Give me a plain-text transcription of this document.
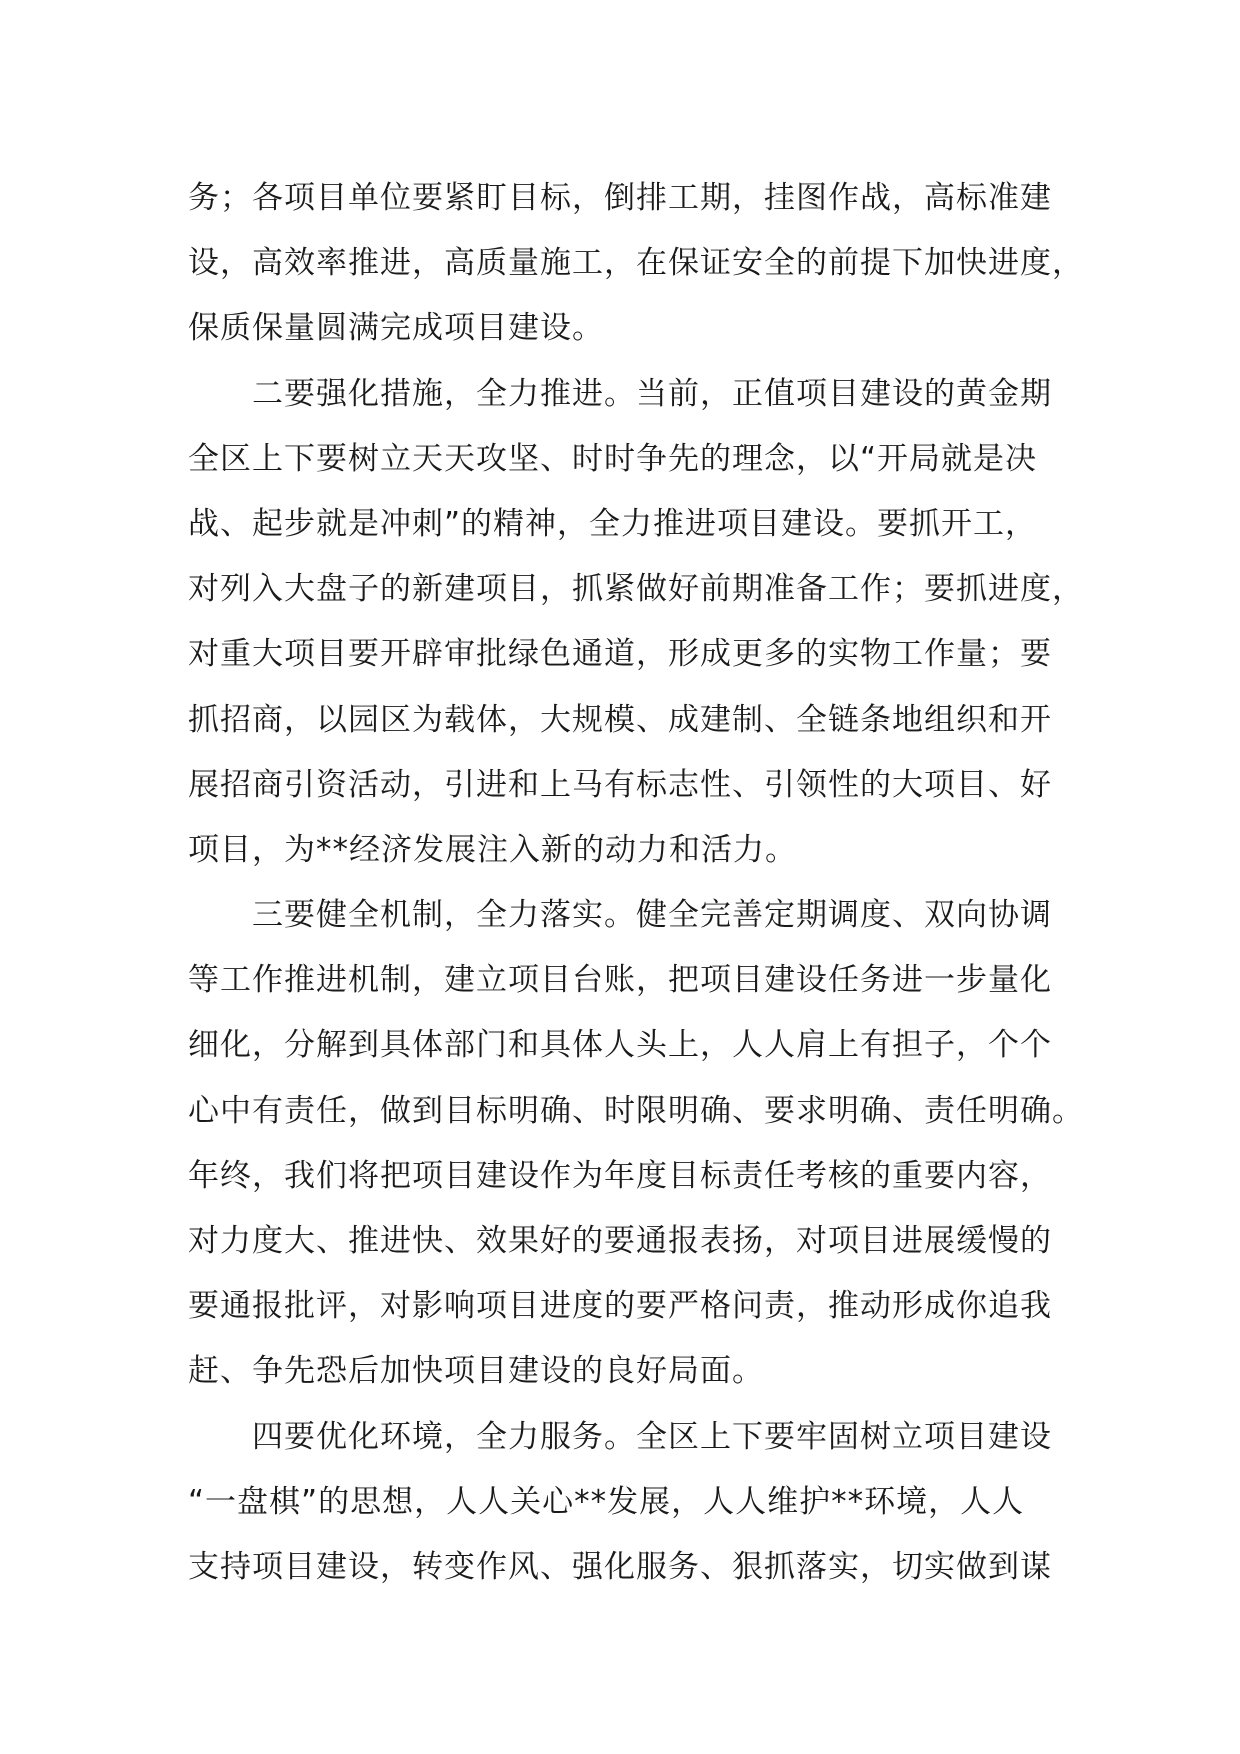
务；各项目单位要紧盯目标，倒排工期，挂图作战，高标准建
设，高效率推进，高质量施工，在保证安全的前提下加快进度，
保质保量圆满完成项目建设。
二要强化措施，全力推进。当前，正值项目建设的黄金期
全区上下要树立天天攻坚、时时争先的理念，以“开局就是决
战、起步就是冲刺”的精神，全力推进项目建设。要抓开工，
对列入大盘子的新建项目，抓紧做好前期准备工作；要抓进度，
对重大项目要开辟审批绿色通道，形成更多的实物工作量；要
抓招商，以园区为载体，大规模、成建制、全链条地组织和开
展招商引资活动，引进和上马有标志性、引领性的大项目、好
项目，为**经济发展注入新的动力和活力。
三要健全机制，全力落实。健全完善定期调度、双向协调
等工作推进机制，建立项目台账，把项目建设任务进一步量化
细化，分解到具体部门和具体人头上，人人肩上有担子，个个
心中有责任，做到目标明确、时限明确、要求明确、责任明确。
年终，我们将把项目建设作为年度目标责任考核的重要内容，
对力度大、推进快、效果好的要通报表扬，对项目进展缓慢的
要通报批评，对影响项目进度的要严格问责，推动形成你追我
赶、争先恐后加快项目建设的良好局面。
四要优化环境，全力服务。全区上下要牢固树立项目建设
“一盘棋”的思想，人人关心**发展，人人维护**环境，人人
支持项目建设，转变作风、强化服务、狠抓落实，切实做到谋
